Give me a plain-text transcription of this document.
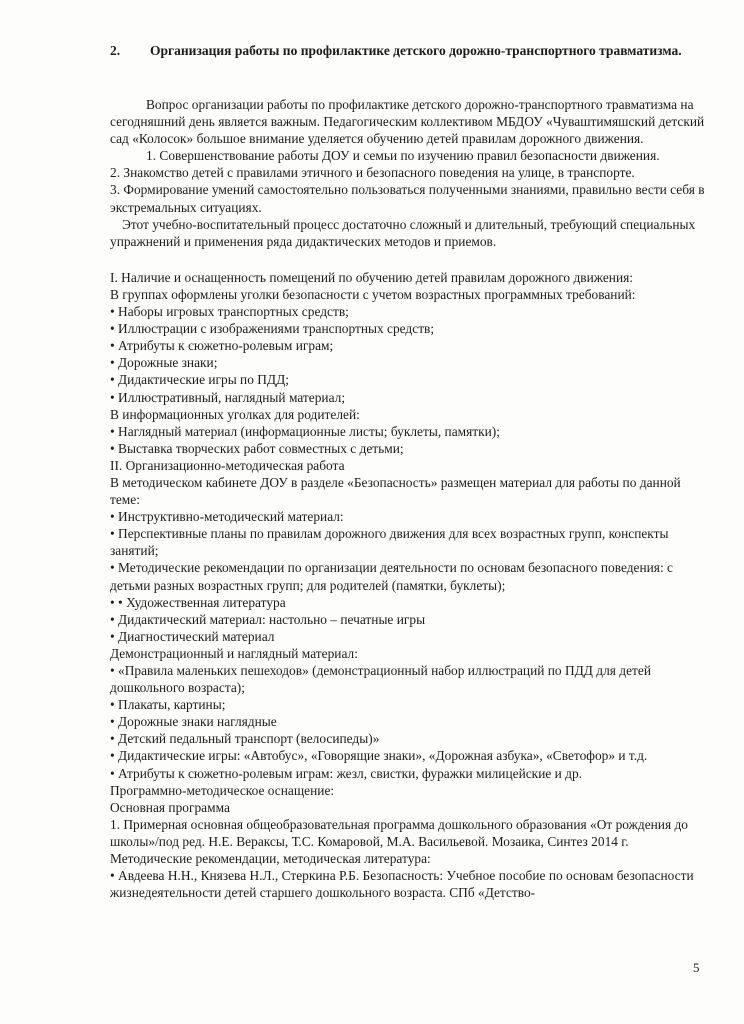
2. Организация работы по профилактике детского дорожно-транспортного травматизма.

Вопрос организации работы по профилактике детского дорожно-транспортного травматизма на сегодняшний день является важным. Педагогическим коллективом МБДОУ «Чуваштимяшский детский сад «Колосок» большое внимание уделяется обучению детей правилам дорожного движения.

1. Совершенствование работы ДОУ и семьи по изучению правил безопасности движения.

2. Знакомство детей с правилами этичного и безопасного поведения на улице, в транспорте.

3. Формирование умений самостоятельно пользоваться полученными знаниями, правильно вести себя в экстремальных ситуациях.

Этот учебно-воспитательный процесс достаточно сложный и длительный, требующий специальных упражнений и применения ряда дидактических методов и приемов.

I. Наличие и оснащенность помещений по обучению детей правилам дорожного движения:

В группах оформлены уголки безопасности с учетом возрастных программных требований:

• Наборы игровых транспортных средств;

• Иллюстрации с изображениями транспортных средств;

• Атрибуты к сюжетно-ролевым играм;

• Дорожные знаки;

• Дидактические игры по ПДД;

• Иллюстративный, наглядный материал;

В информационных уголках для родителей:

• Наглядный материал (информационные листы; буклеты, памятки);

• Выставка творческих работ совместных с детьми;

II. Организационно-методическая работа

В методическом кабинете ДОУ в разделе «Безопасность» размещен материал для работы по данной теме:

• Инструктивно-методический материал:

• Перспективные планы по правилам дорожного движения для всех возрастных групп, конспекты занятий;

• Методические рекомендации по организации деятельности по основам безопасного поведения: с детьми разных возрастных групп; для родителей (памятки, буклеты);

• • Художественная литература

• Дидактический материал: настольно – печатные игры

• Диагностический материал

Демонстрационный и наглядный материал:

• «Правила маленьких пешеходов» (демонстрационный набор иллюстраций по ПДД для детей дошкольного возраста);

• Плакаты, картины;

• Дорожные знаки наглядные

• Детский педальный транспорт (велосипеды)»

• Дидактические игры: «Автобус», «Говорящие знаки», «Дорожная азбука», «Светофор» и т.д.

• Атрибуты к сюжетно-ролевым играм: жезл, свистки, фуражки милицейские и др.

Программно-методическое оснащение:

Основная программа

1. Примерная основная общеобразовательная программа дошкольного образования «От рождения до школы»/под ред. Н.Е. Вераксы, Т.С. Комаровой, М.А. Васильевой. Мозаика, Синтез 2014 г.

Методические рекомендации, методическая литература:

• Авдеева Н.Н., Князева Н.Л., Стеркина Р.Б. Безопасность: Учебное пособие по основам безопасности жизнедеятельности детей старшего дошкольного возраста. СПб «Детство-

5
